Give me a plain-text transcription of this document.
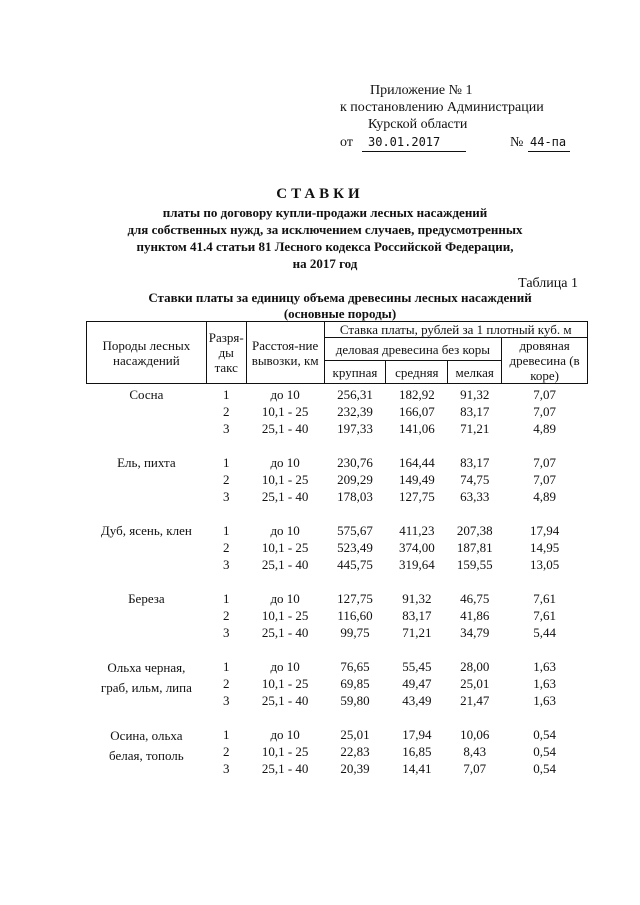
Приложение № 1
к постановлению Администрации
Курской области
от	30.01.2017	№ 44-па
СТАВКИ
платы по договору купли-продажи лесных насаждений
для собственных нужд, за исключением случаев, предусмотренных
пунктом 41.4 статьи 81 Лесного кодекса Российской Федерации,
на 2017 год
Таблица 1
Ставки платы за единицу объема древесины лесных насаждений
(основные породы)
Породы лесных насаждений	Разря-ды такс	Расстоя-ние вывозки, км	Ставка платы, рублей за 1 плотный куб. м			
			деловая древесина без коры			дровяная древесина (в коре)
			крупная	средняя	мелкая	

Сосна	1	до 10	256,31	182,92	91,32	7,07
	2	10,1 - 25	232,39	166,07	83,17	7,07
	3	25,1 - 40	197,33	141,06	71,21	4,89

Ель, пихта	1	до 10	230,76	164,44	83,17	7,07
	2	10,1 - 25	209,29	149,49	74,75	7,07
	3	25,1 - 40	178,03	127,75	63,33	4,89

Дуб, ясень, клен	1	до 10	575,67	411,23	207,38	17,94
	2	10,1 - 25	523,49	374,00	187,81	14,95
	3	25,1 - 40	445,75	319,64	159,55	13,05

Береза	1	до 10	127,75	91,32	46,75	7,61
	2	10,1 - 25	116,60	83,17	41,86	7,61
	3	25,1 - 40	99,75	71,21	34,79	5,44

Ольха черная,
граб, ильм, липа	1	до 10	76,65	55,45	28,00	1,63
	2	10,1 - 25	69,85	49,47	25,01	1,63
	3	25,1 - 40	59,80	43,49	21,47	1,63

Осина, ольха
белая, тополь	1	до 10	25,01	17,94	10,06	0,54
	2	10,1 - 25	22,83	16,85	8,43	0,54
	3	25,1 - 40	20,39	14,41	7,07	0,54
